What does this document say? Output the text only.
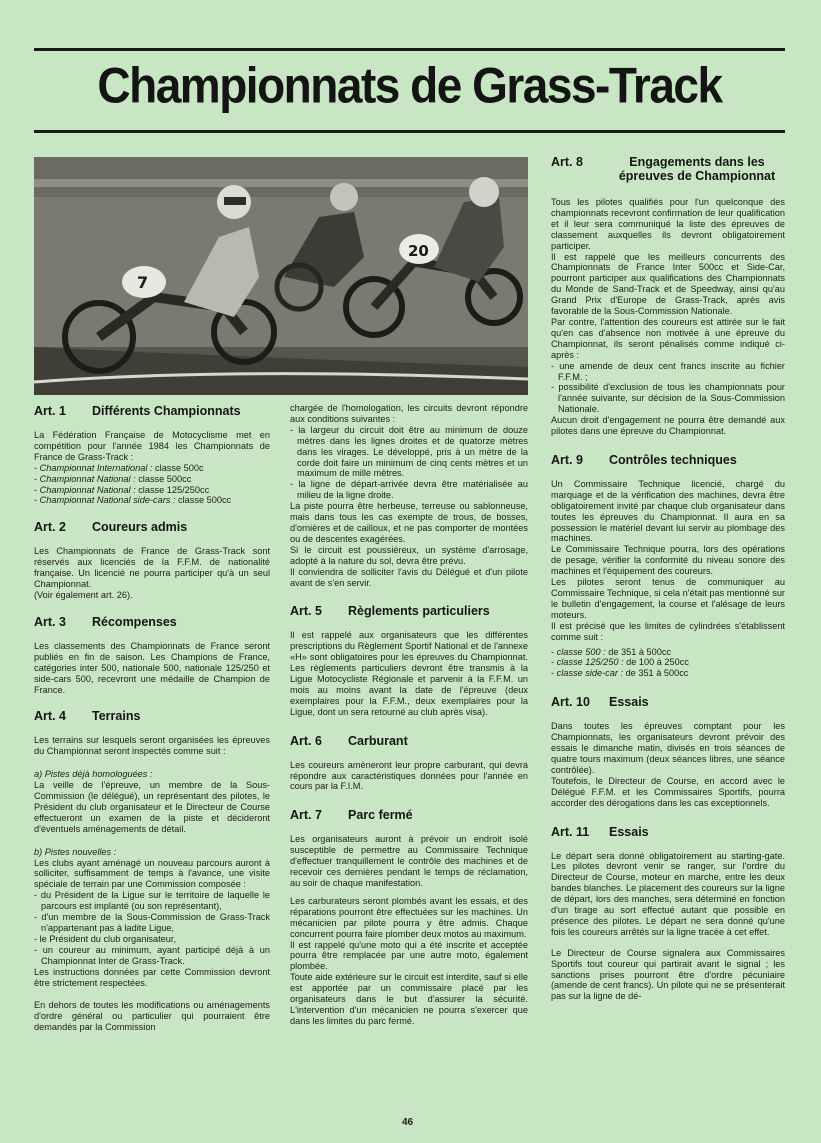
Championnats de Grass-Track
7
20
Art. 1	Différents Championnats

La Fédération Française de Motocyclisme met en compétition pour l'année 1984 les Championnats de France de Grass-Track :

- Championnat International : classe 500c
- Championnat National : classe 500cc
- Championnat National : classe 125/250cc
- Championnat National side-cars : classe 500cc
Art. 2	Coureurs admis

Les Championnats de France de Grass-Track sont réservés aux licenciés de la F.F.M. de nationalité française. Un licencié ne pourra participer qu'à un seul Championnat.

(Voir également art. 26).

Art. 3	Récompenses

Les classements des Championnats de France seront publiés en fin de saison. Les Champions de France, catégories inter 500, nationale 500, nationale 125/250 et side-cars 500, recevront une médaille de Champion de France.

Art. 4	Terrains

Les terrains sur lesquels seront organisées les épreuves du Championnat seront inspectés comme suit :

a) Pistes déjà homologuées :

La veille de l'épreuve, un membre de la Sous-Commission (le délégué), un représentant des pilotes, le Président du club organisateur et le Directeur de Course effectueront un examen de la piste et décideront d'éventuels aménagements de détail.

b) Pistes nouvelles :

Les clubs ayant aménagé un nouveau parcours auront à solliciter, suffisamment de temps à l'avance, une visite spéciale de terrain par une Commission composée :

- du Président de la Ligue sur le territoire de laquelle le parcours est implanté (ou son représentant),
- d'un membre de la Sous-Commission de Grass-Track n'appartenant pas à ladite Ligue,
- le Président du club organisateur,
- un coureur au minimum, ayant participé déjà à un Championnat Inter de Grass-Track.

Les instructions données par cette Commission devront être strictement respectées.

En dehors de toutes les modifications ou aménagements d'ordre général ou particulier qui pourraient être demandés par la Commission

chargée de l'homologation, les circuits devront répondre aux conditions suivantes :

- la largeur du circuit doit être au minimum de douze mètres dans les lignes droites et de quatorze mètres dans les virages. Le développé, pris à un mètre de la corde doit faire un minimum de cinq cents mètres et un maximum de mille mètres.
- la ligne de départ-arrivée devra être matérialisée au milieu de la ligne droite.

La piste pourra être herbeuse, terreuse ou sablonneuse, mais dans tous les cas exempte de trous, de bosses, d'ornières et de cailloux, et ne pas comporter de montées ou de descentes exagérées.

Si le circuit est poussiéreux, un système d'arrosage, adopté à la nature du sol, devra être prévu.

Il conviendra de solliciter l'avis du Délégué et d'un pilote avant de s'en servir.

Art. 5	Règlements particuliers

Il est rappelé aux organisateurs que les différentes prescriptions du Règlement Sportif National et de l'annexe «H» sont obligatoires pour les épreuves du Championnat. Les règlements particuliers devront être transmis à la Ligue Motocycliste Régionale et parvenir à la F.F.M. un mois au moins avant la date de l'épreuve (deux exemplaires pour la F.F.M., deux exemplaires pour la Ligue, dont un sera retourné au club après visa).

Art. 6	Carburant

Les coureurs amèneront leur propre carburant, qui devra répondre aux caractéristiques données pour l'année en cours par la F.I.M.

Art. 7	Parc fermé

Les organisateurs auront à prévoir un endroit isolé susceptible de permettre au Commissaire Technique d'effectuer tranquillement le contrôle des machines et de recevoir ces dernières pendant le temps de réclamation, au soir de chaque manifestation.

Les carburateurs seront plombés avant les essais, et des réparations pourront être effectuées sur les machines. Un mécanicien par pilote pourra y être admis. Chaque concurrent pourra faire plomber deux motos au maximum.

Il est rappelé qu'une moto qui a été inscrite et acceptée pourra être remplacée par une autre moto, également plombée.

Toute aide extérieure sur le circuit est interdite, sauf si elle est apportée par un commissaire placé par les organisateurs dans le but d'assurer la sécurité. L'intervention d'un mécanicien ne pourra s'exercer que dans les limites du parc fermé.

Art. 8	Engagements dans les épreuves de Championnat

Tous les pilotes qualifiés pour l'un quelconque des championnats recevront confirmation de leur qualification et il leur sera communiqué la liste des épreuves de classement auxquelles ils devront obligatoirement participer.

Il est rappelé que les meilleurs concurrents des Championnats de France Inter 500cc et Side-Car, pourront participer aux qualifications des Championnats du Monde de Sand-Track et de Speedway, ainsi qu'au Grand Prix d'Europe de Grass-Track, après avis favorable de la Sous-Commission Nationale.

Par contre, l'attention des coureurs est attirée sur le fait qu'en cas d'absence non motivée à une épreuve du Championnat, ils seront pénalisés comme indiqué ci-après :

- une amende de deux cent francs inscrite au fichier F.F.M. ;
- possibilité d'exclusion de tous les championnats pour l'année suivante, sur décision de la Sous-Commission Nationale.

Aucun droit d'engagement ne pourra être demandé aux pilotes dans une épreuve du Championnat.

Art. 9	Contrôles techniques

Un Commissaire Technique licencié, chargé du marquage et de la vérification des machines, devra être obligatoirement invité par chaque club organisateur dans toutes les épreuves du Championnat. Il aura en sa possession le matériel devant lui servir au plombage des machines.

Le Commissaire Technique pourra, lors des opérations de pesage, vérifier la conformité du niveau sonore des machines et l'équipement des coureurs.

Les pilotes seront tenus de communiquer au Commissaire Technique, si cela n'était pas mentionné sur le bulletin d'engagement, la course et l'alésage de leurs moteurs.

Il est précisé que les limites de cylindrées s'établissent comme suit :

- classe 500 : de 351 à 500cc
- classe 125/250 : de 100 à 250cc
- classe side-car : de 351 à 500cc
Art. 10	Essais

Dans toutes les épreuves comptant pour les Championnats, les organisateurs devront prévoir des essais le dimanche matin, divisés en trois séances de quatre tours maximum (deux séances libres, une séance contrôlée).

Toutefois, le Directeur de Course, en accord avec le Délégué F.F.M. et les Commissaires Sportifs, pourra accorder des dérogations dans les cas exceptionnels.

Art. 11	Essais

Le départ sera donné obligatoirement au starting-gate. Les pilotes devront venir se ranger, sur l'ordre du Directeur de Course, moteur en marche, entre les deux bandes blanches. Le placement des coureurs sur la ligne de départ, lors des manches, sera déterminé en fonction d'un tirage au sort effectué autant que possible en présence des pilotes. Le départ ne sera donné qu'une fois les coureurs arrêtés sur la ligne tracée à cet effet.

Le Directeur de Course signalera aux Commissaires Sportifs tout coureur qui partirait avant le signal ; les sanctions prises pourront être d'ordre pécuniaire (amende de cent francs). Un pilote qui ne se présenterait pas sur la ligne de dé-

46
